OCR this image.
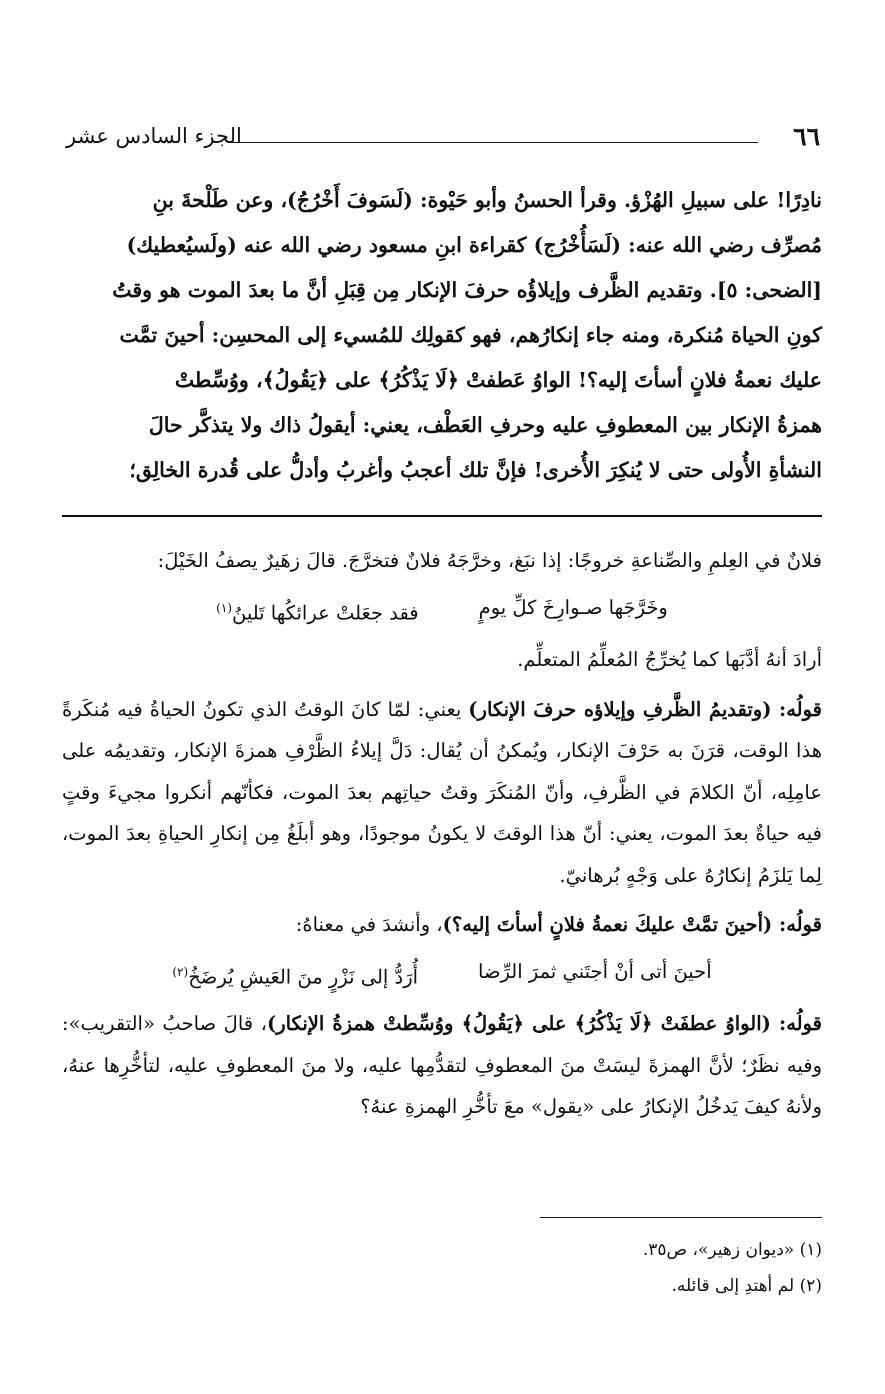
٦٦
الجزء السادس عشر

نادِرًا! على سبيلِ الهُزْؤ. وقرأ الحسنُ وأبو حَيْوة: (لَسَوفَ أَخْرُجُ)، وعن طَلْحةَ بنِ

مُصرِّف رضي الله عنه: (لَسَأُخْرُج) كقراءة ابنِ مسعود رضي الله عنه (ولَسيُعطيك)

[الضحى: ٥]. وتقديم الظَّرف وإيلاؤُه حرفَ الإنكار مِن قِبَلِ أنَّ ما بعدَ الموت هو وقتُ

كونِ الحياة مُنكرة، ومنه جاء إنكارُهم، فهو كقولِك للمُسيء إلى المحسِن: أحينَ تمَّت

عليك نعمةُ فلانٍ أسأتَ إليه؟! الواوُ عَطفتْ ﴿لَا يَذْكُرُ﴾ على ﴿يَقُولُ﴾، ووُسِّطتْ

همزةُ الإنكار بين المعطوفِ عليه وحرفِ العَطْف، يعني: أيقولُ ذاك ولا يتذكَّر حالَ

النشأةِ الأُولى حتى لا يُنكِرَ الأُخرى! فإنَّ تلك أعجبُ وأغربُ وأدلُّ على قُدرة الخالِق؛

فلانٌ في العِلمِ والصِّناعةِ خروجًا: إذا نبَغ، وخرَّجَهُ فلانٌ فتخرَّجَ. قالَ زهَيرٌ يصفُ الخَيْلَ:

وخَرَّجَها صـوارِخَ كلِّ يومٍ
فقد جعَلتْ عرائكُها تَلينُ$^{(١)}$

أرادَ أنهُ أدَّبَها كما يُخرِّجُ المُعلِّمُ المتعلِّم.

قولُه: (وتقديمُ الظَّرفِ وإيلاؤه حرفَ الإنكار) يعني: لمّا كانَ الوقتُ الذي تكونُ الحياةُ فيه مُنكَرةً هذا الوقت، قرَنَ به حَرْفَ الإنكار، ويُمكنُ أن يُقال: دَلَّ إيلاءُ الظَّرْفِ همزةَ الإنكار، وتقديمُه على عامِلِه، أنّ الكلامَ في الظَّرفِ، وأنّ المُنكَرَ وقتُ حياتِهم بعدَ الموت، فكأنّهم أنكروا مجيءَ وقتٍ فيه حياةٌ بعدَ الموت، يعني: أنّ هذا الوقتَ لا يكونُ موجودًا، وهو أبلَغُ مِن إنكارِ الحياةِ بعدَ الموت، لِما يَلزَمُ إنكارُهُ على وَجْهٍ بُرهانيّ.

قولُه: (أحينَ تمَّتْ عليكَ نعمةُ فلانٍ أسأتَ إليه؟)، وأنشدَ في معناهُ:

أحينَ أتى أنْ أجتَني ثمرَ الرِّضا
أُرَدُّ إلى نَزْرٍ منَ العَيشِ يُرضَخُ$^{(٢)}$

قولُه: (الواوُ عطفَتْ ﴿لَا يَذْكُرُ﴾ على ﴿يَقُولُ﴾ ووُسِّطتْ همزةُ الإنكار)، قالَ صاحبُ «التقريب»: وفيه نظَرٌ؛ لأنَّ الهمزةَ ليسَتْ منَ المعطوفِ لتقدُّمِها عليه، ولا منَ المعطوفِ عليه، لتأخُّرِها عنهُ، ولأنهُ كيفَ يَدخُلُ الإنكارُ على «يقول» معَ تأخُّرِ الهمزةِ عنهُ؟

(١) «ديوان زهير»، ص٣٥.

(٢) لم أهتدِ إلى قائله.
